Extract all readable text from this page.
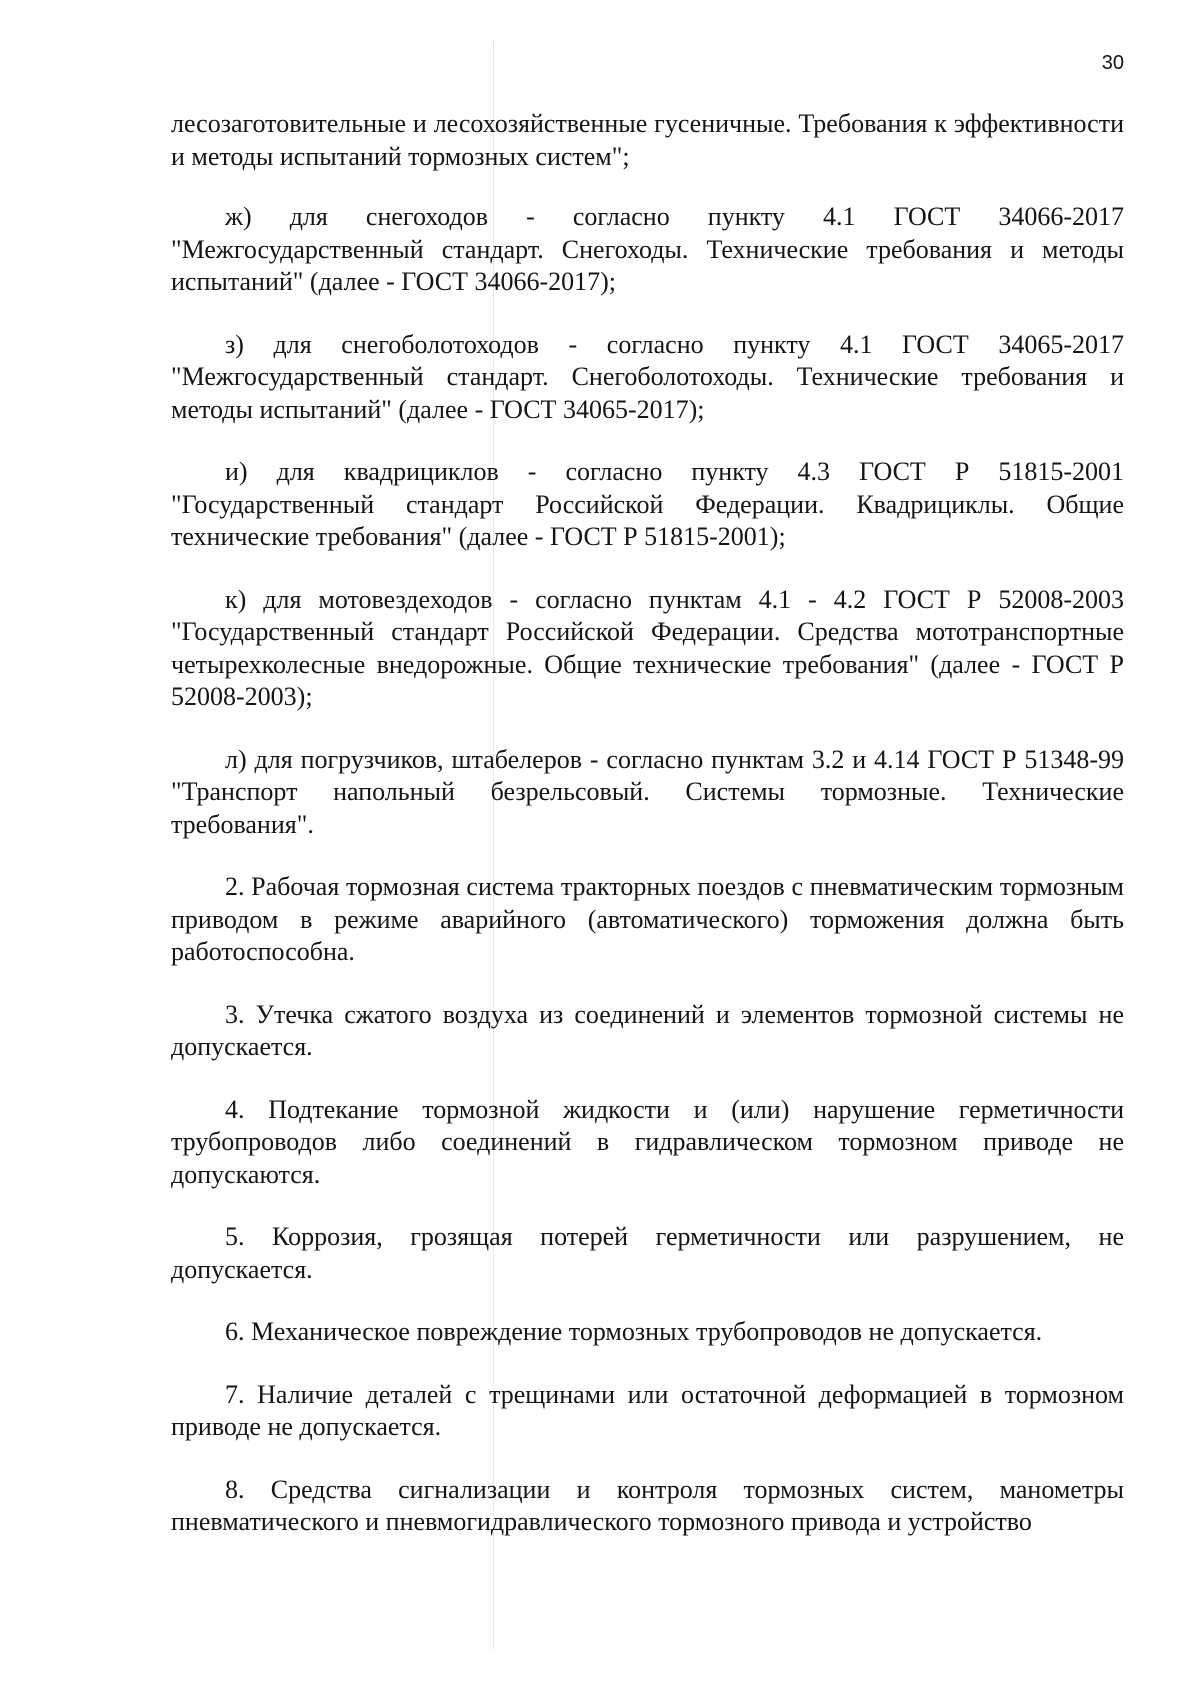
30

лесозаготовительные и лесохозяйственные гусеничные. Требования к эффективности и методы испытаний тормозных систем";

ж) для снегоходов - согласно пункту 4.1 ГОСТ 34066-2017 "Межгосударственный стандарт. Снегоходы. Технические требования и методы испытаний" (далее - ГОСТ 34066-2017);

з) для снегоболотоходов - согласно пункту 4.1 ГОСТ 34065-2017 "Межгосударственный стандарт. Снегоболотоходы. Технические требования и методы испытаний" (далее - ГОСТ 34065-2017);

и) для квадрициклов - согласно пункту 4.3 ГОСТ Р 51815-2001 "Государственный стандарт Российской Федерации. Квадрициклы. Общие технические требования" (далее - ГОСТ Р 51815-2001);

к) для мотовездеходов - согласно пунктам 4.1 - 4.2 ГОСТ Р 52008-2003 "Государственный стандарт Российской Федерации. Средства мототранспортные четырехколесные внедорожные. Общие технические требования" (далее - ГОСТ Р 52008-2003);

л) для погрузчиков, штабелеров - согласно пунктам 3.2 и 4.14 ГОСТ Р 51348-99 "Транспорт напольный безрельсовый. Системы тормозные. Технические требования".

2. Рабочая тормозная система тракторных поездов с пневматическим тормозным приводом в режиме аварийного (автоматического) торможения должна быть работоспособна.

3. Утечка сжатого воздуха из соединений и элементов тормозной системы не допускается.

4. Подтекание тормозной жидкости и (или) нарушение герметичности трубопроводов либо соединений в гидравлическом тормозном приводе не допускаются.

5. Коррозия, грозящая потерей герметичности или разрушением, не допускается.

6. Механическое повреждение тормозных трубопроводов не допускается.

7. Наличие деталей с трещинами или остаточной деформацией в тормозном приводе не допускается.

8. Средства сигнализации и контроля тормозных систем, манометры пневматического и пневмогидравлического тормозного привода и устройство
